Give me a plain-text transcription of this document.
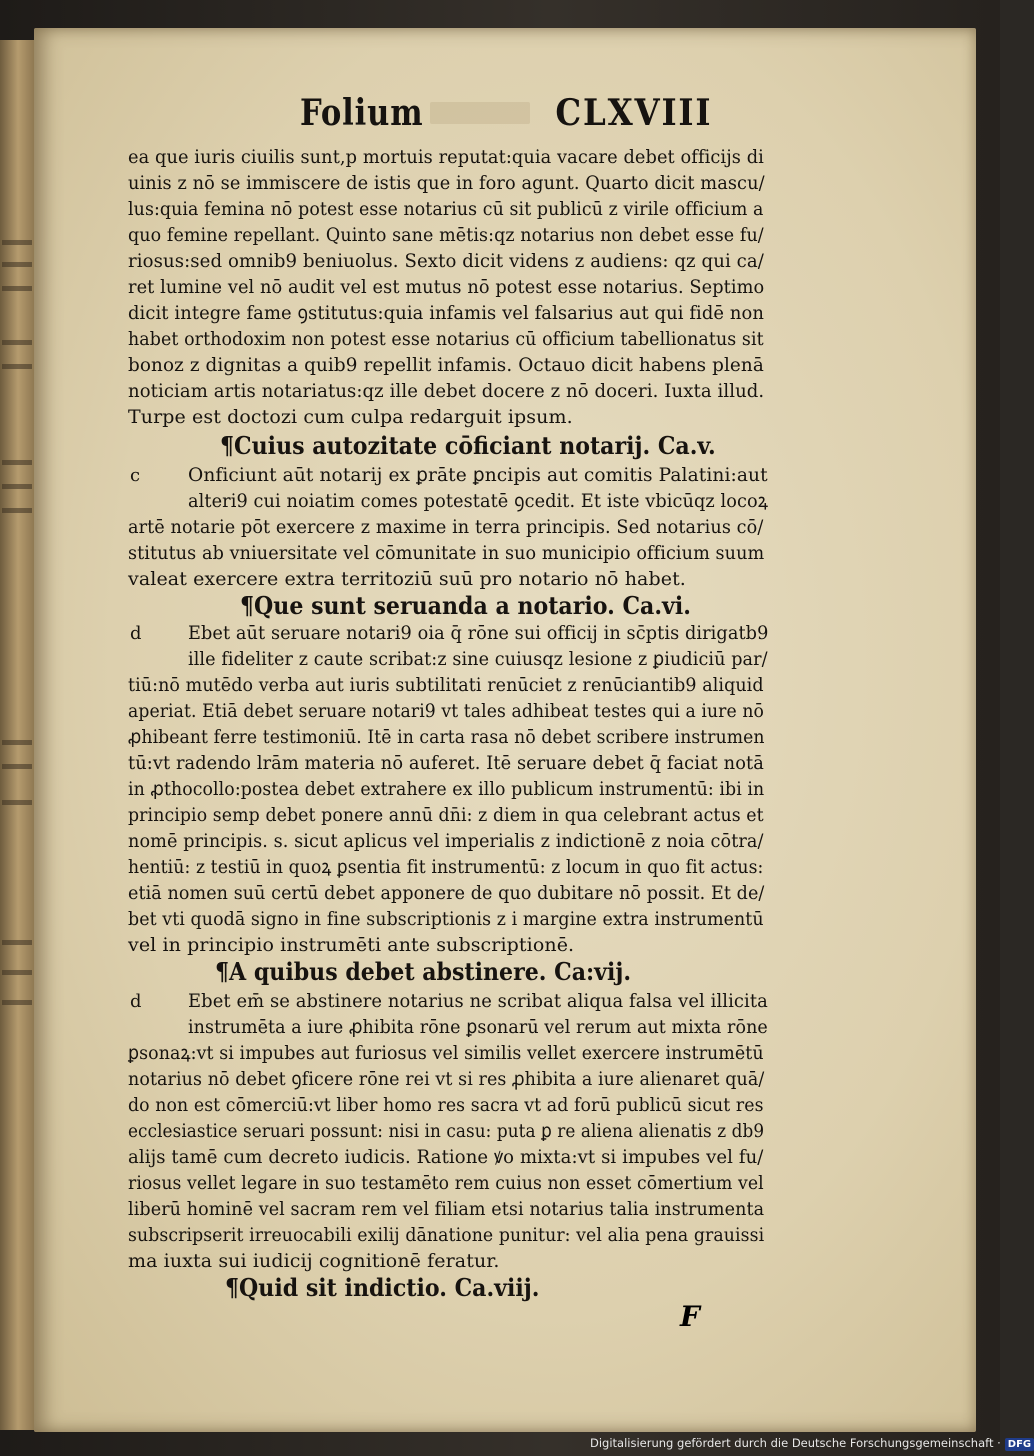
Folium	CLXVIII
ea que iuris ciuilis sunt,p mortuis reputat:quia vacare debet officijs di
uinis z nō se immiscere de istis que in foro agunt. Quarto dicit mascu/
lus:quia femina nō potest esse notarius cū sit publicū z virile officium a
quo femine repellant. Quinto sane mētis:qz notarius non debet esse fu/
riosus:sed omnib9 beniuolus. Sexto dicit videns z audiens: qz qui ca/
ret lumine vel nō audit vel est mutus nō potest esse notarius. Septimo
dicit integre fame ꝯstitutus:quia infamis vel falsarius aut qui fidē non
habet orthodoxim non potest esse notarius cū officium tabellionatus sit
bonoz z dignitas a quib9 repellit infamis. Octauo dicit habens plenā
noticiam artis notariatus:qz ille debet docere z nō doceri. Iuxta illud.
Turpe est doctozi cum culpa redarguit ipsum.
¶Cuius autozitate cōficiant notarij. Ca.v.
c	Onficiunt aūt notarij ex ꝑrāte ꝑncipis aut comitis Palatini:aut
alteri9 cui noiatim comes potestatē ꝯcedit. Et iste vbicūqz locoꝝ
artē notarie pōt exercere z maxime in terra principis. Sed notarius cō/
stitutus ab vniuersitate vel cōmunitate in suo municipio officium suum
valeat exercere extra territoziū suū pro notario nō habet.
¶Que sunt seruanda a notario. Ca.vi.
d Ebet aūt seruare notari9 oia q̄ rōne sui officij in sc̄ptis dirigatb9
ille fideliter z caute scribat:z sine cuiusqz lesione z ꝑiudiciū par/
tiū:nō mutēdo verba aut iuris subtilitati renūciet z renūciantib9 aliquid
aperiat. Etiā debet seruare notari9 vt tales adhibeat testes qui a iure nō
ꝓhibeant ferre testimoniū. Itē in carta rasa nō debet scribere instrumen
tū:vt radendo lrām materia nō auferet. Itē seruare debet q̄ faciat notā
in ꝓthocollo:postea debet extrahere ex illo publicum instrumentū: ibi in
principio semp debet ponere annū dn̄i: z diem in qua celebrant actus et
nomē principis. s. sicut aplicus vel imperialis z indictionē z noia cōtra/
hentiū: z testiū in quoꝝ ꝑsentia fit instrumentū: z locum in quo fit actus:
etiā nomen suū certū debet apponere de quo dubitare nō possit. Et de/
bet vti quodā signo in fine subscriptionis z i margine extra instrumentū
vel in principio instrumēti ante subscriptionē.
¶A quibus debet abstinere. Ca:vij.
d Ebet em̄ se abstinere notarius ne scribat aliqua falsa vel illicita
instrumēta a iure ꝓhibita rōne ꝑsonarū vel rerum aut mixta rōne
ꝑsonaꝝ:vt si impubes aut furiosus vel similis vellet exercere instrumētū
notarius nō debet ꝯficere rōne rei vt si res ꝓhibita a iure alienaret quā/
do non est cōmerciū:vt liber homo res sacra vt ad forū publicū sicut res
ecclesiastice seruari possunt: nisi in casu: puta ꝑ re aliena alienatis z db9
alijs tamē cum decreto iudicis. Ratione ꝟo mixta:vt si impubes vel fu/
riosus vellet legare in suo testamēto rem cuius non esset cōmertium vel
liberū hominē vel sacram rem vel filiam etsi notarius talia instrumenta
subscripserit irreuocabili exilij dānatione punitur: vel alia pena grauissi
ma iuxta sui iudicij cognitionē feratur.
¶Quid sit indictio. Ca.viij.
F
Digitalisierung gefördert durch die Deutsche Forschungsgemeinschaft · DFG
